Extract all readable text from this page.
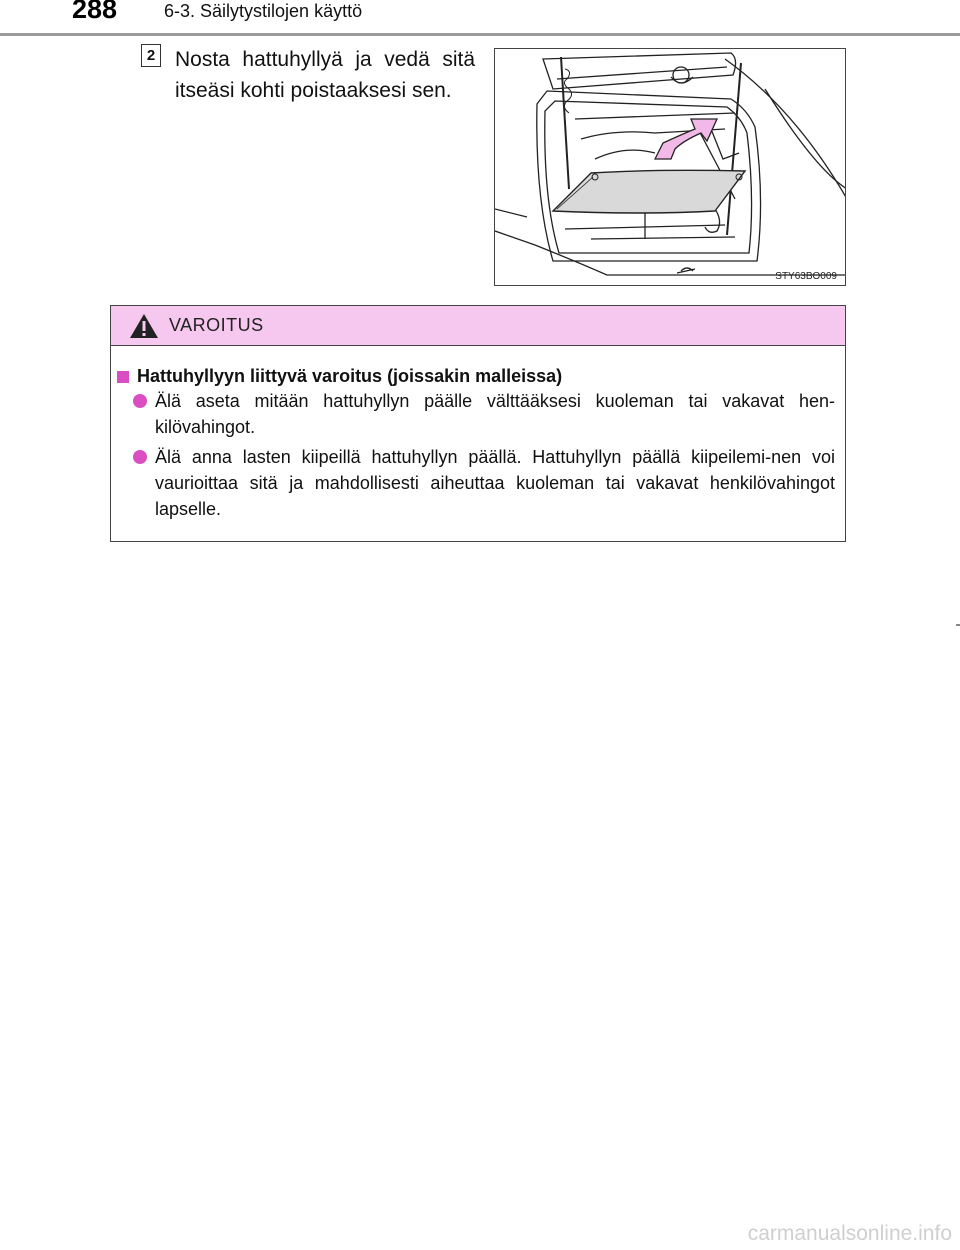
288	6-3. Säilytystilojen käyttö
2 Nosta hattuhyllyä ja vedä sitä itseäsi kohti poistaaksesi sen.
STY63BO009
VAROITUS
Hattuhyllyyn liittyvä varoitus (joissakin malleissa)
Älä aseta mitään hattuhyllyn päälle välttääksesi kuoleman tai vakavat hen-kilövahingot.
Älä anna lasten kiipeillä hattuhyllyn päällä. Hattuhyllyn päällä kiipeilemi-nen voi vaurioittaa sitä ja mahdollisesti aiheuttaa kuoleman tai vakavat henkilövahingot lapselle.
carmanualsonline.info
